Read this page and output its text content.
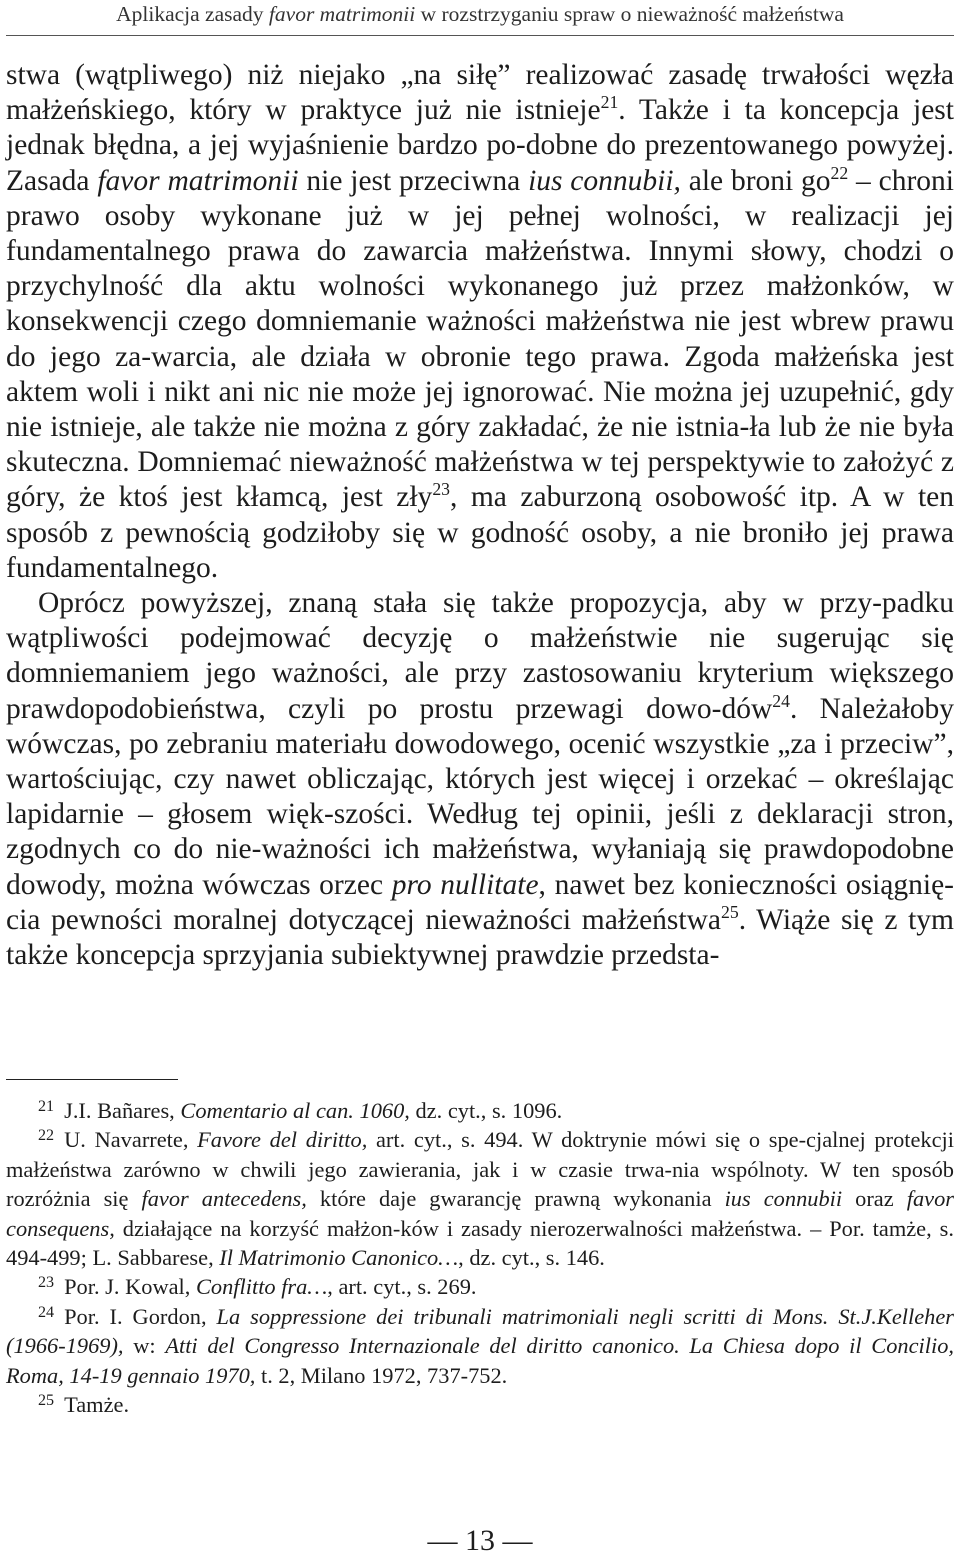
Aplikacja zasady favor matrimonii w rozstrzyganiu spraw o nieważność małżeństwa

stwa (wątpliwego) niż niejako „na siłę” realizować zasadę trwałości węzła małżeńskiego, który w praktyce już nie istnieje$^{21}$. Także i ta koncepcja jest jednak błędna, a jej wyjaśnienie bardzo po-dobne do prezentowanego powyżej. Zasada favor matrimonii nie jest przeciwna ius connubii, ale broni $go^{22}$ – chroni prawo osoby wykonane już w jej pełnej wolności, w realizacji jej fundamentalnego prawa do zawarcia małżeństwa. Innymi słowy, chodzi o przychylność dla aktu wolności wykonanego już przez małżonków, w konsekwencji czego domniemanie ważności małżeństwa nie jest wbrew prawu do jego za-warcia, ale działa w obronie tego prawa. Zgoda małżeńska jest aktem woli i nikt ani nic nie może jej ignorować. Nie można jej uzupełnić, gdy nie istnieje, ale także nie można z góry zakładać, że nie istnia-ła lub że nie była skuteczna. Domniemać nieważność małżeństwa w tej perspektywie to założyć z góry, że ktoś jest kłamcą, jest zły$^{23}$, ma zaburzoną osobowość itp. A w ten sposób z pewnością godziłoby się w godność osoby, a nie broniło jej prawa fundamentalnego.

Oprócz powyższej, znaną stała się także propozycja, aby w przy-padku wątpliwości podejmować decyzję o małżeństwie nie sugerując się domniemaniem jego ważności, ale przy zastosowaniu kryterium większego prawdopodobieństwa, czyli po prostu przewagi dowo-dów$^{24}$. Należałoby wówczas, po zebraniu materiału dowodowego, ocenić wszystkie „za i przeciw”, wartościując, czy nawet obliczając, których jest więcej i orzekać – określając lapidarnie – głosem więk-szości. Według tej opinii, jeśli z deklaracji stron, zgodnych co do nie-ważności ich małżeństwa, wyłaniają się prawdopodobne dowody, można wówczas orzec pro nullitate, nawet bez konieczności osiągnię-cia pewności moralnej dotyczącej nieważności małżeństwa$^{25}$. Wiąże się z tym także koncepcja sprzyjania subiektywnej prawdzie przedsta-

$^{21}$ J.I. Bañares, Comentario al can. 1060, dz. cyt., s. 1096.

$^{22}$ U. Navarrete, Favore del diritto, art. cyt., s. 494. W doktrynie mówi się o spe-cjalnej protekcji małżeństwa zarówno w chwili jego zawierania, jak i w czasie trwa-nia wspólnoty. W ten sposób rozróżnia się favor antecedens, które daje gwarancję prawną wykonania ius connubii oraz favor consequens, działające na korzyść małżon-ków i zasady nierozerwalności małżeństwa. – Por. tamże, s. 494-499; L. Sabbarese, Il Matrimonio Canonico…, dz. cyt., s. 146.

$^{23}$ Por. J. Kowal, Conflitto fra…, art. cyt., s. 269.

$^{24}$ Por. I. Gordon, La soppressione dei tribunali matrimoniali negli scritti di Mons. St.J.Kelleher (1966-1969), w: Atti del Congresso Internazionale del diritto canonico. La Chiesa dopo il Concilio, Roma, 14-19 gennaio 1970, t. 2, Milano 1972, 737-752.

$^{25}$ Tamże.

— 13 —
